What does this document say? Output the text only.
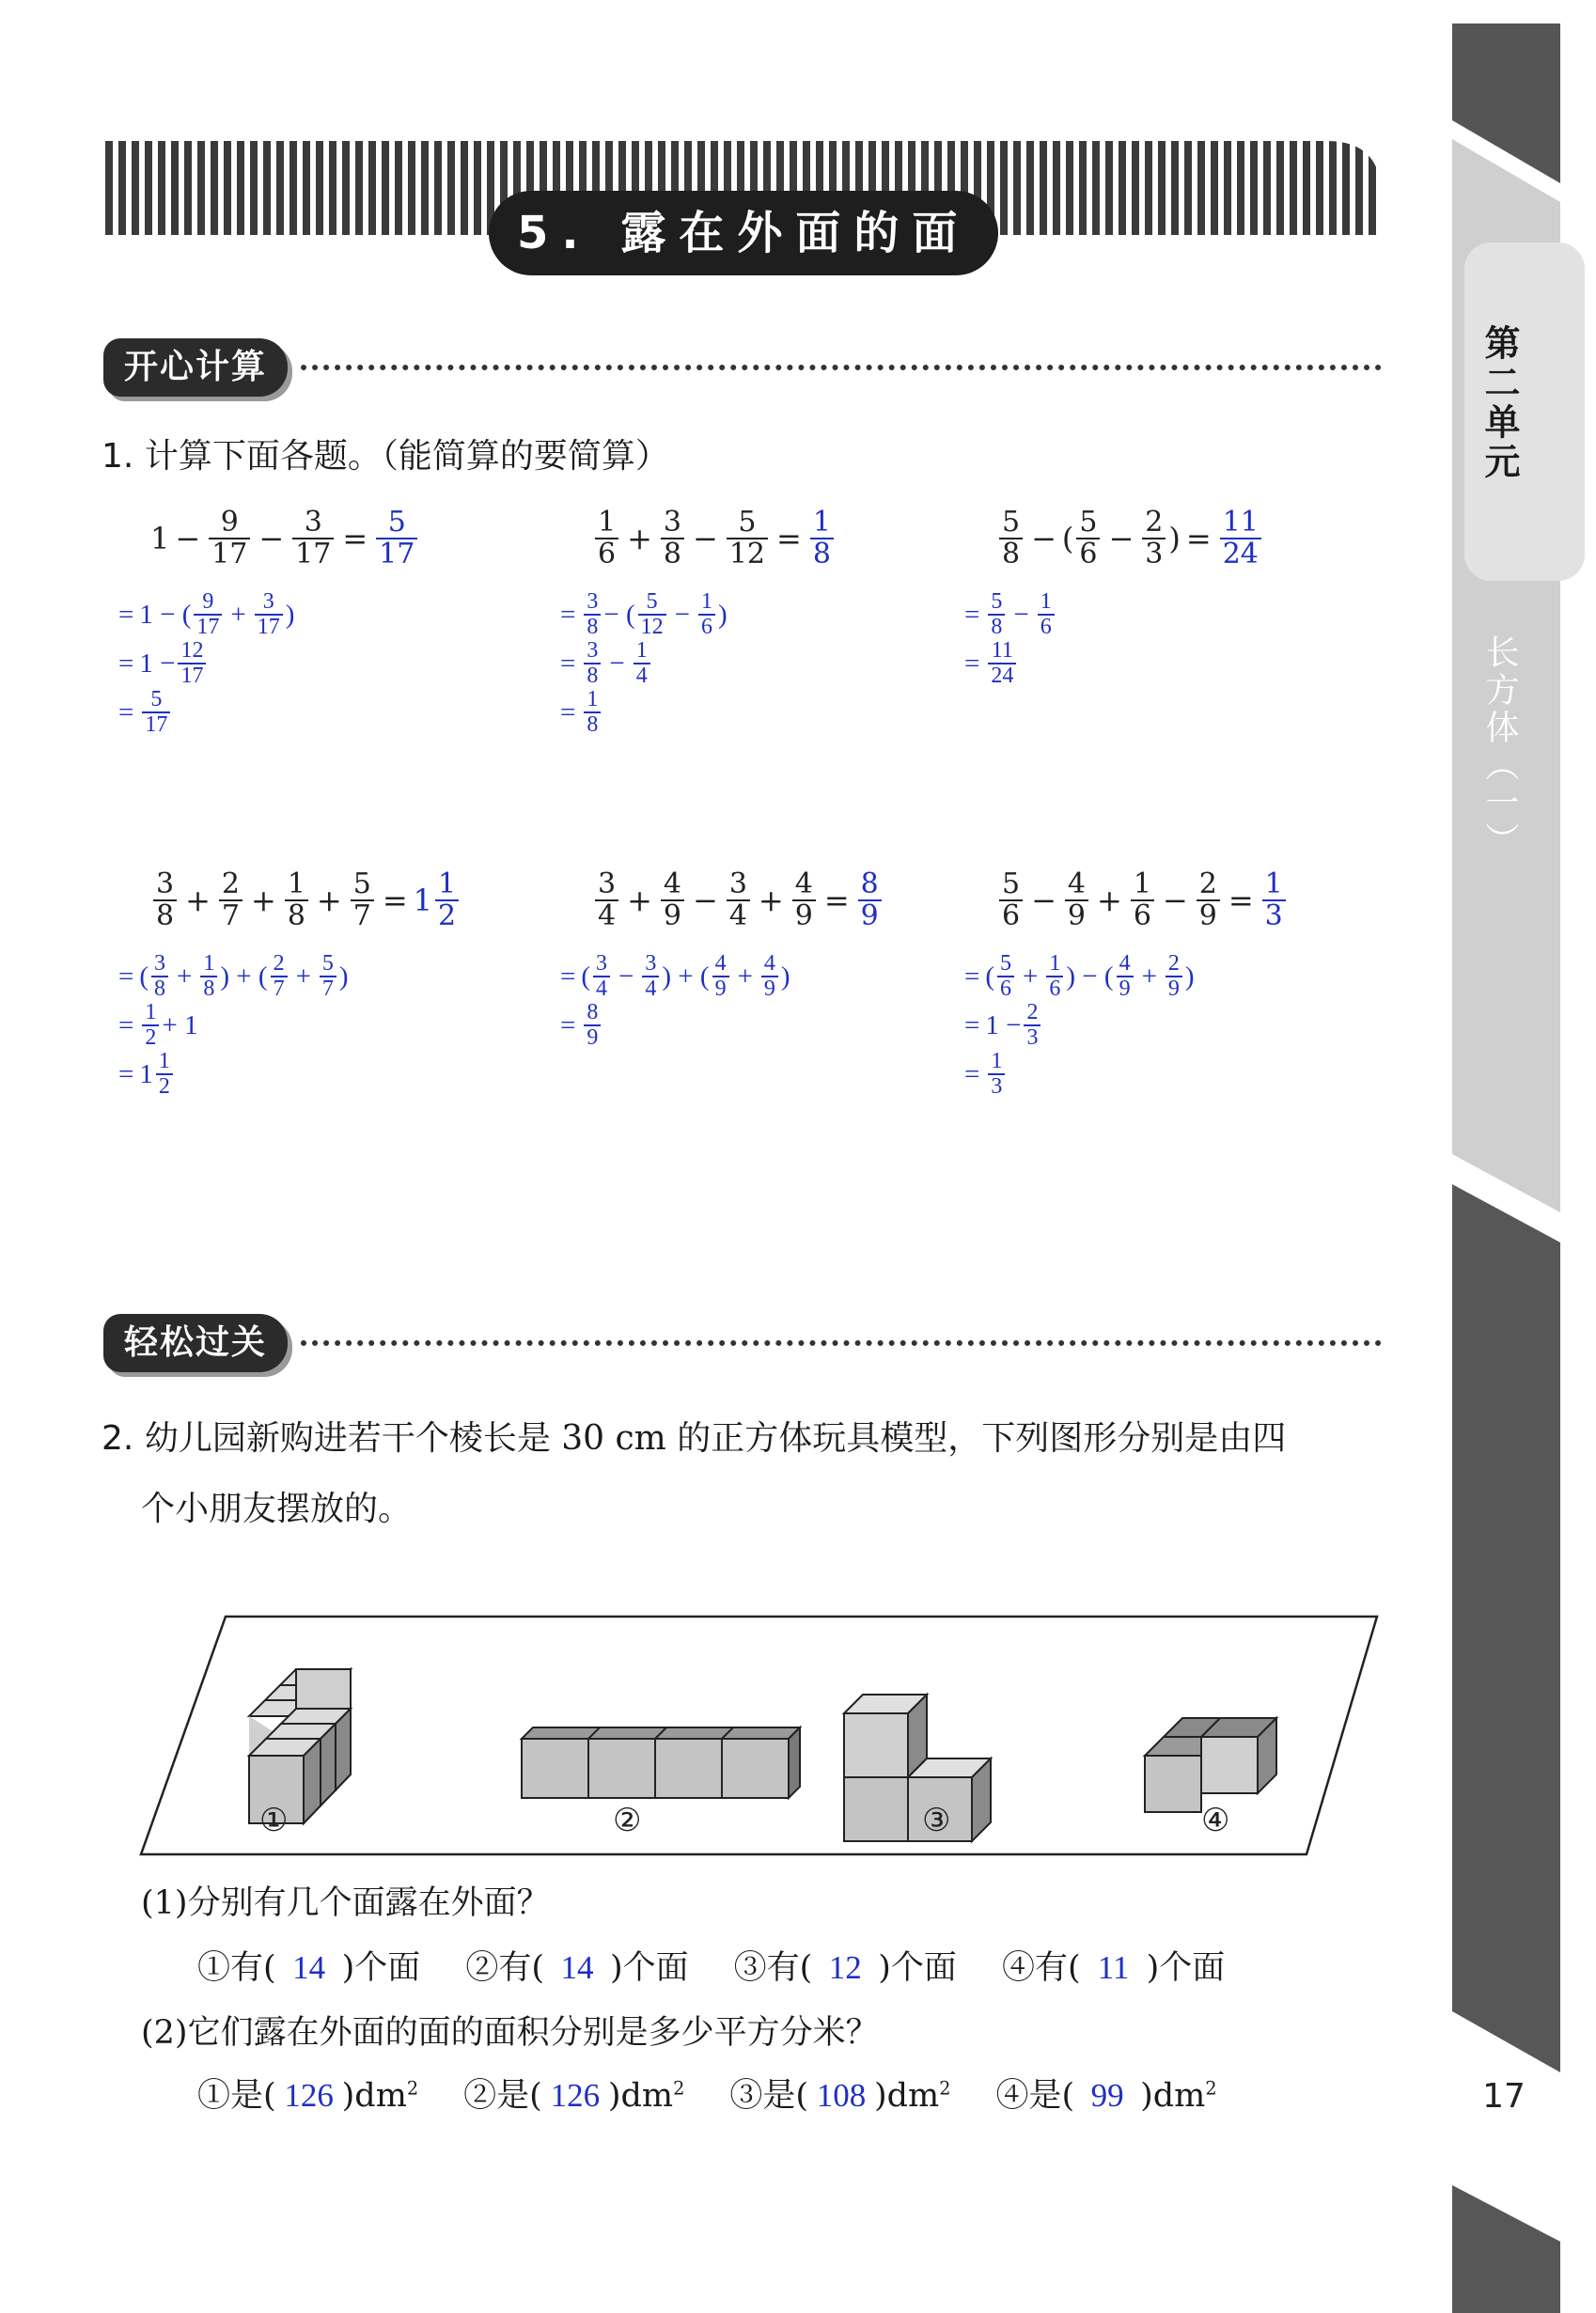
第二单元
长方体（一）
17
5. 露在外面的面
开心计算
1. 计算下面各题。（能简算的要简算）
$1 - \frac{9}{17} - \frac{3}{17} = \frac{5}{17}$
= 1 − ( $\frac{9}{17} + \frac{3}{17}$ )
= $1 - \frac{12}{17}$
= $\frac{5}{17}$
$\frac{1}{6} + \frac{3}{8} - \frac{5}{12} = \frac{1}{8}$
= $\frac{3}{8}$ − ( $\frac{5}{12} - \frac{1}{6}$ )
= $\frac{3}{8} - \frac{1}{4}$
= $\frac{1}{8}$
$\frac{5}{8}$ − ( $\frac{5}{6} - \frac{2}{3}$ ) = $\frac{11}{24}$
= $\frac{5}{8} - \frac{1}{6}$
= $\frac{11}{24}$
$\frac{3}{8} + \frac{2}{7} + \frac{1}{8} + \frac{5}{7} = 1 \frac{1}{2}$
= ( $\frac{3}{8} + \frac{1}{8}$ ) + ( $\frac{2}{7} + \frac{5}{7}$ )
= $\frac{1}{2} + 1$
= $1 \frac{1}{2}$
$\frac{3}{4} + \frac{4}{9} - \frac{3}{4} + \frac{4}{9} = \frac{8}{9}$
= ( $\frac{3}{4} - \frac{3}{4}$ ) + ( $\frac{4}{9} + \frac{4}{9}$ )
= $\frac{8}{9}$
$\frac{5}{6} - \frac{4}{9} + \frac{1}{6} - \frac{2}{9} = \frac{1}{3}$
= ( $\frac{5}{6} + \frac{1}{6}$ ) − ( $\frac{4}{9} + \frac{2}{9}$ )
= $1 - \frac{2}{3}$
= $\frac{1}{3}$
轻松过关
2. 幼儿园新购进若干个棱长是 30 cm 的正方体玩具模型，下列图形分别是由四
个小朋友摆放的。
①	②	③	④
(1)分别有几个面露在外面？
①有( 14 )个面 ②有( 14 )个面 ③有( 12 )个面 ④有( 11 )个面
(2)它们露在外面的面的面积分别是多少平方分米？
①是( 126 )$dm^2$ ②是( 126 )$dm^2$ ③是( 108 )$dm^2$ ④是( 99 )$dm^2$
